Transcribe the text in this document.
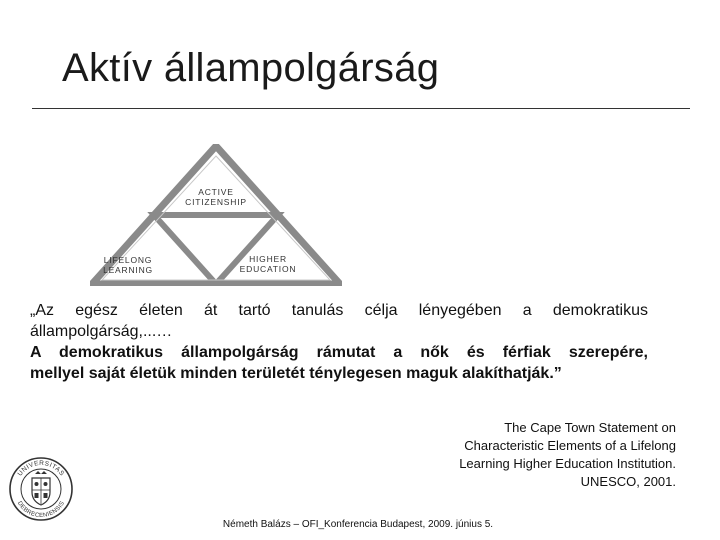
Aktív állampolgárság
ACTIVE
CITIZENSHIP
LIFELONG
LEARNING
HIGHER
EDUCATION
„Az egész életen át tartó tanulás célja lényegében a demokratikus
állampolgárság,...…
A demokratikus állampolgárság rámutat a nők és férfiak szerepére,
mellyel saját életük minden területét ténylegesen maguk alakíthatják.”
The Cape Town Statement on
Characteristic Elements of a Lifelong
Learning Higher Education Institution.
UNESCO, 2001.
UNIVERSITAS
DEBRECENIENSIS
Németh Balázs – OFI_Konferencia Budapest, 2009. június 5.
